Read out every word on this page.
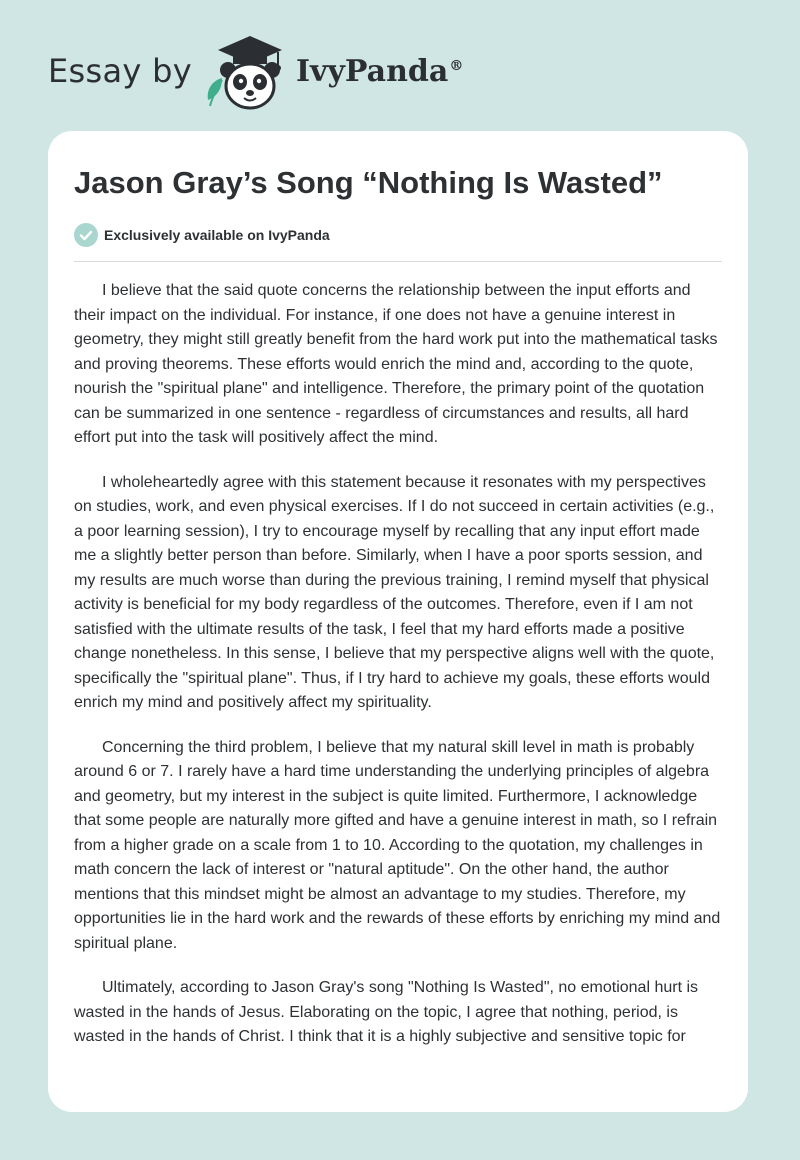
Essay by	IvyPanda®
Jason Gray’s Song “Nothing Is Wasted”
Exclusively available on IvyPanda

I believe that the said quote concerns the relationship between the input efforts and their impact on the individual. For instance, if one does not have a genuine interest in geometry, they might still greatly benefit from the hard work put into the mathematical tasks and proving theorems. These efforts would enrich the mind and, according to the quote, nourish the "spiritual plane" and intelligence. Therefore, the primary point of the quotation can be summarized in one sentence - regardless of circumstances and results, all hard effort put into the task will positively affect the mind.

I wholeheartedly agree with this statement because it resonates with my perspectives on studies, work, and even physical exercises. If I do not succeed in certain activities (e.g., a poor learning session), I try to encourage myself by recalling that any input effort made me a slightly better person than before. Similarly, when I have a poor sports session, and my results are much worse than during the previous training, I remind myself that physical activity is beneficial for my body regardless of the outcomes. Therefore, even if I am not satisfied with the ultimate results of the task, I feel that my hard efforts made a positive change nonetheless. In this sense, I believe that my perspective aligns well with the quote, specifically the "spiritual plane". Thus, if I try hard to achieve my goals, these efforts would enrich my mind and positively affect my spirituality.

Concerning the third problem, I believe that my natural skill level in math is probably around 6 or 7. I rarely have a hard time understanding the underlying principles of algebra and geometry, but my interest in the subject is quite limited. Furthermore, I acknowledge that some people are naturally more gifted and have a genuine interest in math, so I refrain from a higher grade on a scale from 1 to 10. According to the quotation, my challenges in math concern the lack of interest or "natural aptitude". On the other hand, the author mentions that this mindset might be almost an advantage to my studies. Therefore, my opportunities lie in the hard work and the rewards of these efforts by enriching my mind and spiritual plane.

Ultimately, according to Jason Gray's song "Nothing Is Wasted", no emotional hurt is wasted in the hands of Jesus. Elaborating on the topic, I agree that nothing, period, is wasted in the hands of Christ. I think that it is a highly subjective and sensitive topic for
